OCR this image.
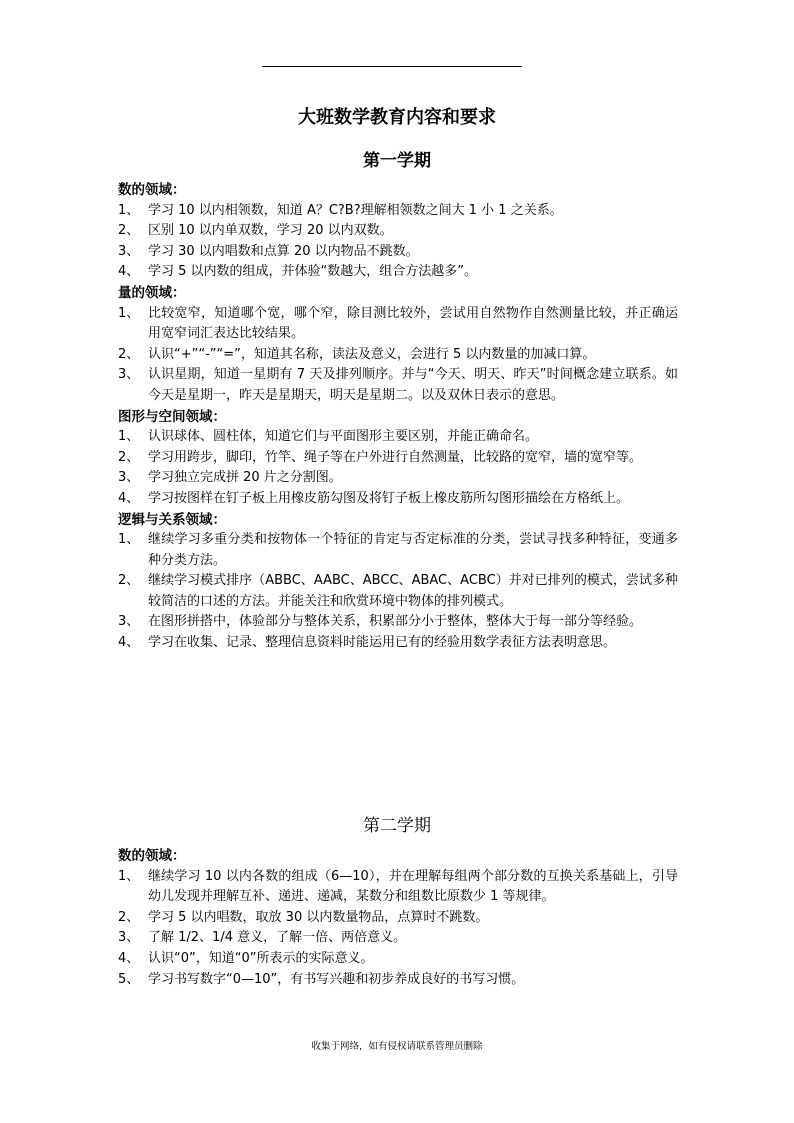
大班数学教育内容和要求
第一学期
数的领域：
1、 学习 10 以内相领数，知道 A？C?B?理解相领数之间大 1 小 1 之关系。
2、 区别 10 以内单双数，学习 20 以内双数。
3、 学习 30 以内唱数和点算 20 以内物品不跳数。
4、 学习 5 以内数的组成，并体验“数越大，组合方法越多”。
量的领域：
1、 比较宽窄，知道哪个宽，哪个窄，除目测比较外，尝试用自然物作自然测量比较，并正确运用宽窄词汇表达比较结果。
2、 认识“+”“-”“=”，知道其名称，读法及意义，会进行 5 以内数量的加减口算。
3、 认识星期，知道一星期有 7 天及排列顺序。并与“今天、明天、昨天”时间概念建立联系。如今天是星期一，昨天是星期天，明天是星期二。以及双休日表示的意思。
图形与空间领域：
1、 认识球体、圆柱体，知道它们与平面图形主要区别，并能正确命名。
2、 学习用跨步，脚印，竹竿、绳子等在户外进行自然测量，比较路的宽窄，墙的宽窄等。
3、 学习独立完成拼 20 片之分割图。
4、 学习按图样在钉子板上用橡皮筋勾图及将钉子板上橡皮筋所勾图形描绘在方格纸上。
逻辑与关系领域：
1、 继续学习多重分类和按物体一个特征的肯定与否定标准的分类，尝试寻找多种特征，变通多种分类方法。
2、 继续学习模式排序（ABBC、AABC、ABCC、ABAC、ACBC）并对已排列的模式，尝试多种较简洁的口述的方法。并能关注和欣赏环境中物体的排列模式。
3、 在图形拼搭中，体验部分与整体关系，积累部分小于整体，整体大于每一部分等经验。
4、 学习在收集、记录、整理信息资料时能运用已有的经验用数学表征方法表明意思。
第二学期
数的领域：
1、 继续学习 10 以内各数的组成（6—10），并在理解每组两个部分数的互换关系基础上，引导幼儿发现并理解互补、递进、递减，某数分和组数比原数少 1 等规律。
2、 学习 5 以内唱数，取放 30 以内数量物品，点算时不跳数。
3、 了解 1/2、1/4 意义，了解一倍、两倍意义。
4、 认识“0”，知道“0”所表示的实际意义。
5、 学习书写数字“0—10”，有书写兴趣和初步养成良好的书写习惯。

收集于网络，如有侵权请联系管理员删除
